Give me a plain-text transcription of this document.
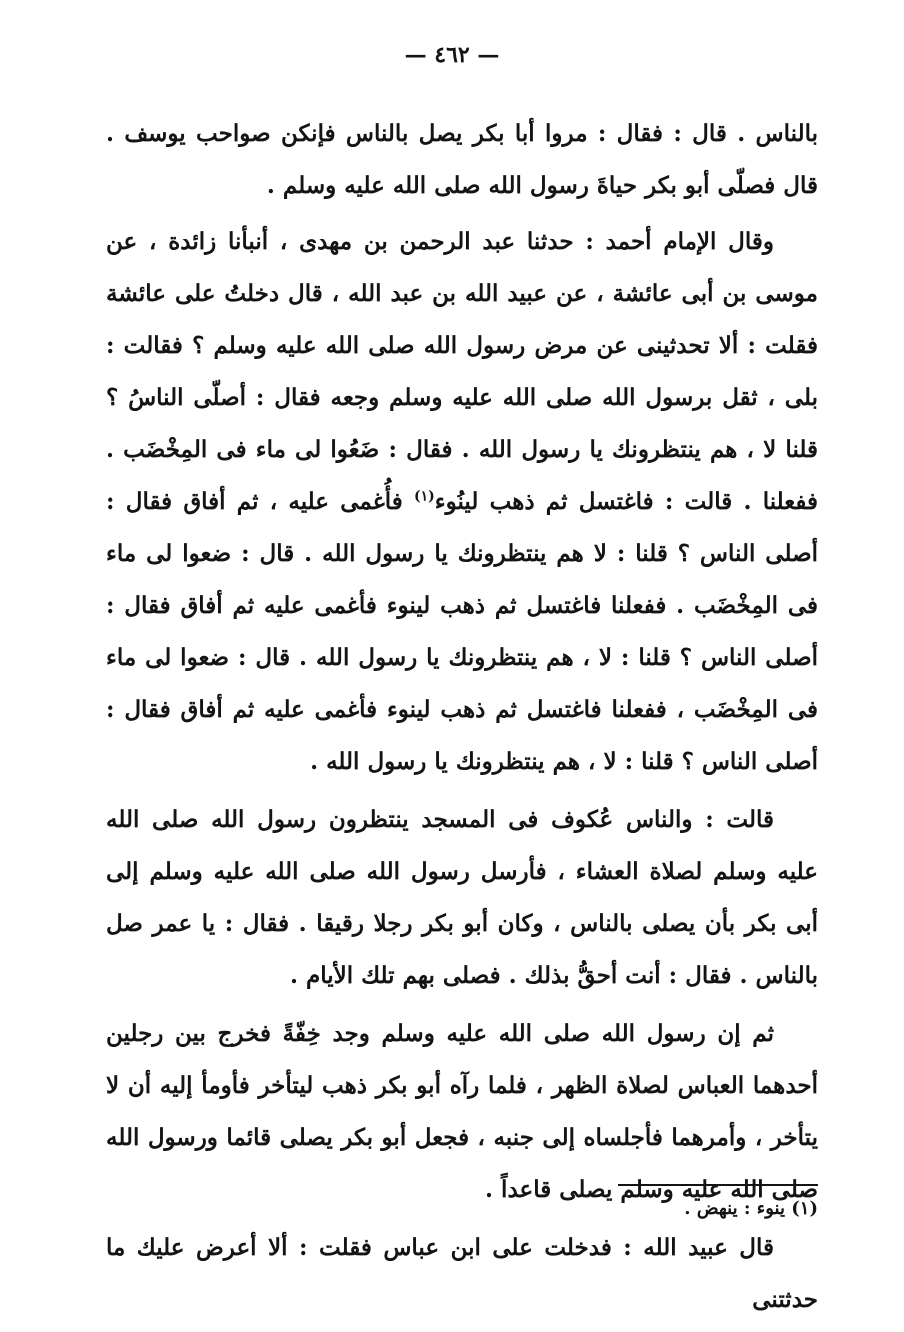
— ٤٦٢ —

بالناس . قال : فقال : مروا أبا بكر يصل بالناس فإنكن صواحب يوسف . قال فصلّى أبو بكر حياةَ رسول الله صلى الله عليه وسلم .

وقال الإمام أحمد : حدثنا عبد الرحمن بن مهدى ، أنبأنا زائدة ، عن موسى بن أبى عائشة ، عن عبيد الله بن عبد الله ، قال دخلتُ على عائشة فقلت : ألا تحدثينى عن مرض رسول الله صلى الله عليه وسلم ؟ فقالت : بلى ، ثقل برسول الله صلى الله عليه وسلم وجعه فقال : أصلّى الناسُ ؟ قلنا لا ، هم ينتظرونك يا رسول الله . فقال : ضَعُوا لى ماء فى المِخْضَب . ففعلنا . قالت : فاغتسل ثم ذهب لينُوء$^{(١)}$ فأُغمى عليه ، ثم أفاق فقال : أصلى الناس ؟ قلنا : لا هم ينتظرونك يا رسول الله . قال : ضعوا لى ماء فى المِخْضَب . ففعلنا فاغتسل ثم ذهب لينوء فأغمى عليه ثم أفاق فقال : أصلى الناس ؟ قلنا : لا ، هم ينتظرونك يا رسول الله . قال : ضعوا لى ماء فى المِخْضَب ، ففعلنا فاغتسل ثم ذهب لينوء فأغمى عليه ثم أفاق فقال : أصلى الناس ؟ قلنا : لا ، هم ينتظرونك يا رسول الله .

قالت : والناس عُكوف فى المسجد ينتظرون رسول الله صلى الله عليه وسلم لصلاة العشاء ، فأرسل رسول الله صلى الله عليه وسلم إلى أبى بكر بأن يصلى بالناس ، وكان أبو بكر رجلا رقيقا . فقال : يا عمر صل بالناس . فقال : أنت أحقُّ بذلك . فصلى بهم تلك الأيام .

ثم إن رسول الله صلى الله عليه وسلم وجد خِفّةً فخرج بين رجلين أحدهما العباس لصلاة الظهر ، فلما رآه أبو بكر ذهب ليتأخر فأومأ إليه أن لا يتأخر ، وأمرهما فأجلساه إلى جنبه ، فجعل أبو بكر يصلى قائما ورسول الله صلى الله عليه وسلم يصلى قاعداً .

قال عبيد الله : فدخلت على ابن عباس فقلت : ألا أعرض عليك ما حدثتنى

(١) ينوء : ينهض .
